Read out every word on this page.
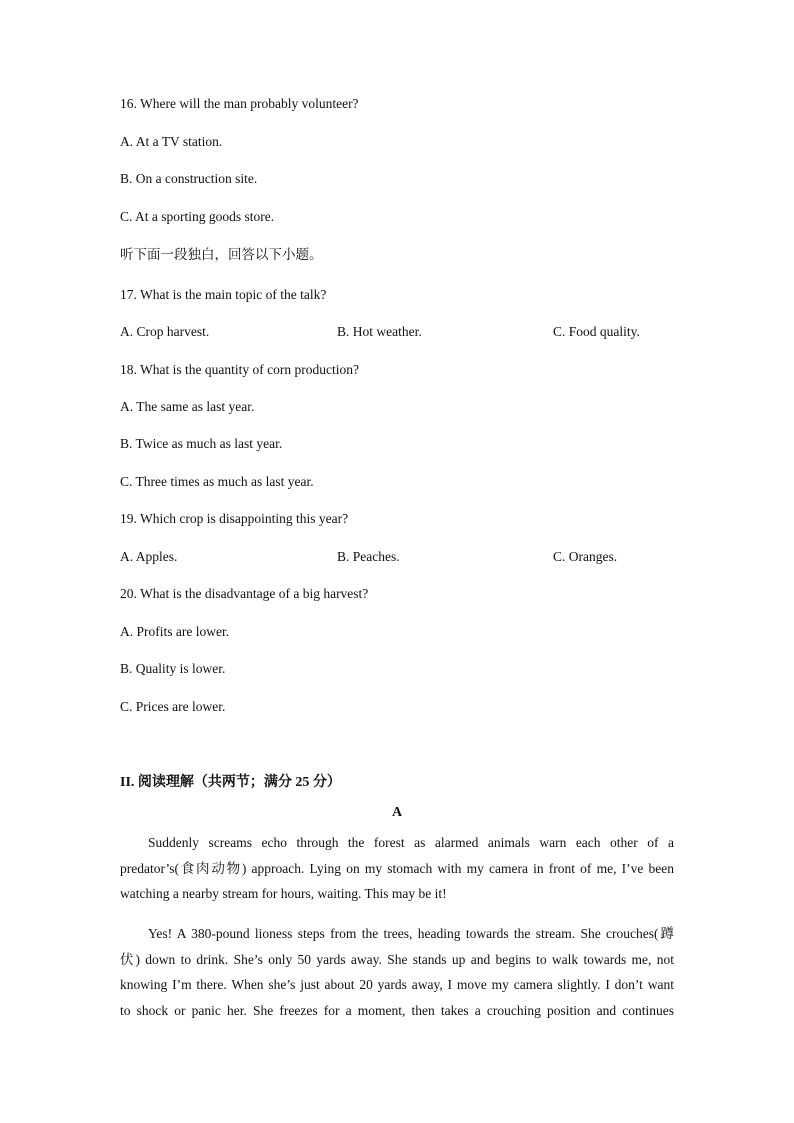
16. Where will the man probably volunteer?
A. At a TV station.
B. On a construction site.
C. At a sporting goods store.
听下面一段独白，回答以下小题。
17. What is the main topic of the talk?
A. Crop harvest.	B. Hot weather.	C. Food quality.
18. What is the quantity of corn production?
A. The same as last year.
B. Twice as much as last year.
C. Three times as much as last year.
19. Which crop is disappointing this year?
A. Apples.	B. Peaches.	C. Oranges.
20. What is the disadvantage of a big harvest?
A. Profits are lower.
B. Quality is lower.
C. Prices are lower.
II. 阅读理解（共两节；满分 25 分）
A
Suddenly screams echo through the forest as alarmed animals warn each other of a
predator’s(食肉动物) approach. Lying on my stomach with my camera in front of me, I’ve been
watching a nearby stream for hours, waiting. This may be it!
Yes! A 380-pound lioness steps from the trees, heading towards the stream. She crouches(蹲
伏) down to drink. She’s only 50 yards away. She stands up and begins to walk towards me, not
knowing I’m there. When she’s just about 20 yards away, I move my camera slightly. I don’t want
to shock or panic her. She freezes for a moment, then takes a crouching position and continues
